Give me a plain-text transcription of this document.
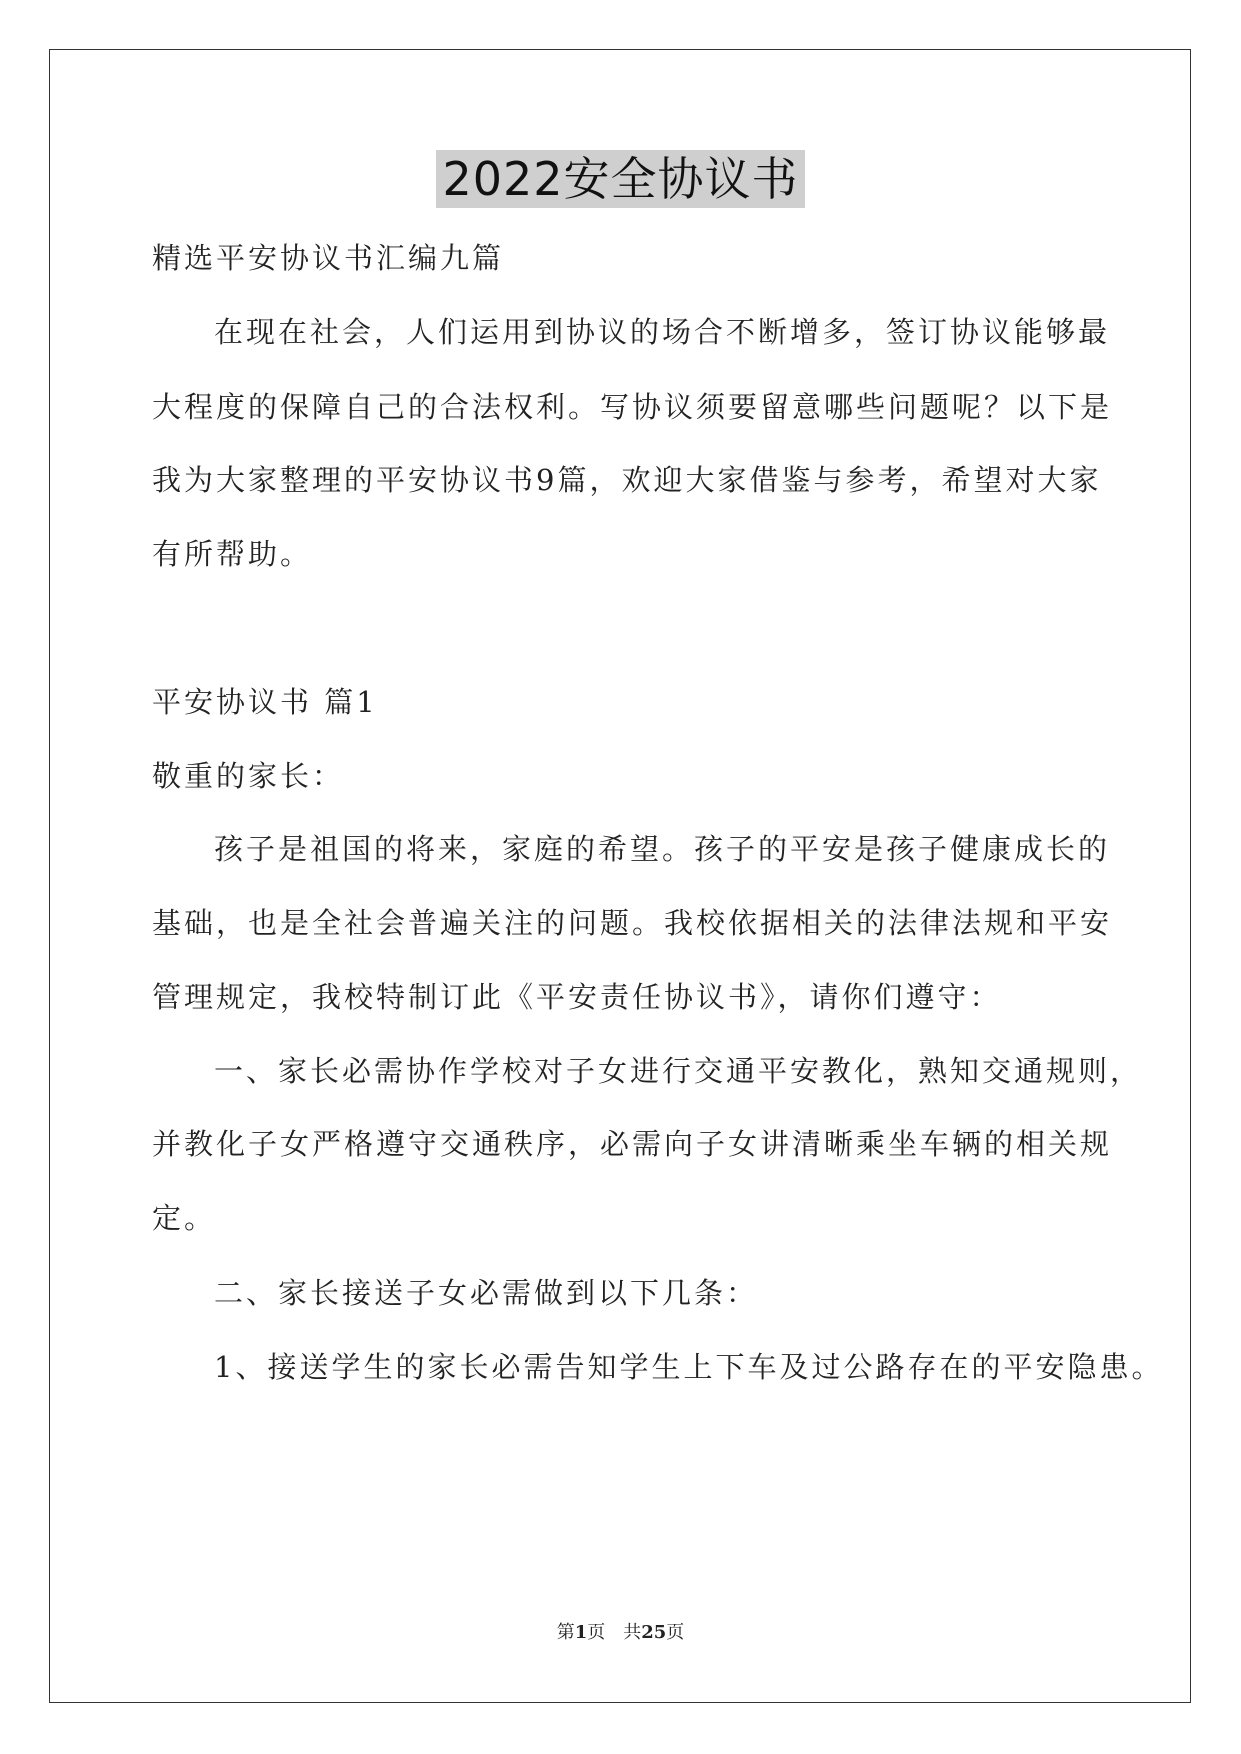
2022安全协议书
精选平安协议书汇编九篇
在现在社会，人们运用到协议的场合不断增多，签订协议能够最
大程度的保障自己的合法权利。写协议须要留意哪些问题呢？以下是
我为大家整理的平安协议书9篇，欢迎大家借鉴与参考，希望对大家
有所帮助。
平安协议书 篇1
敬重的家长：
孩子是祖国的将来，家庭的希望。孩子的平安是孩子健康成长的
基础，也是全社会普遍关注的问题。我校依据相关的法律法规和平安
管理规定，我校特制订此《平安责任协议书》，请你们遵守：
一、家长必需协作学校对子女进行交通平安教化，熟知交通规则，
并教化子女严格遵守交通秩序，必需向子女讲清晰乘坐车辆的相关规
定。
二、家长接送子女必需做到以下几条：
1、接送学生的家长必需告知学生上下车及过公路存在的平安隐患。
第1页　共25页
